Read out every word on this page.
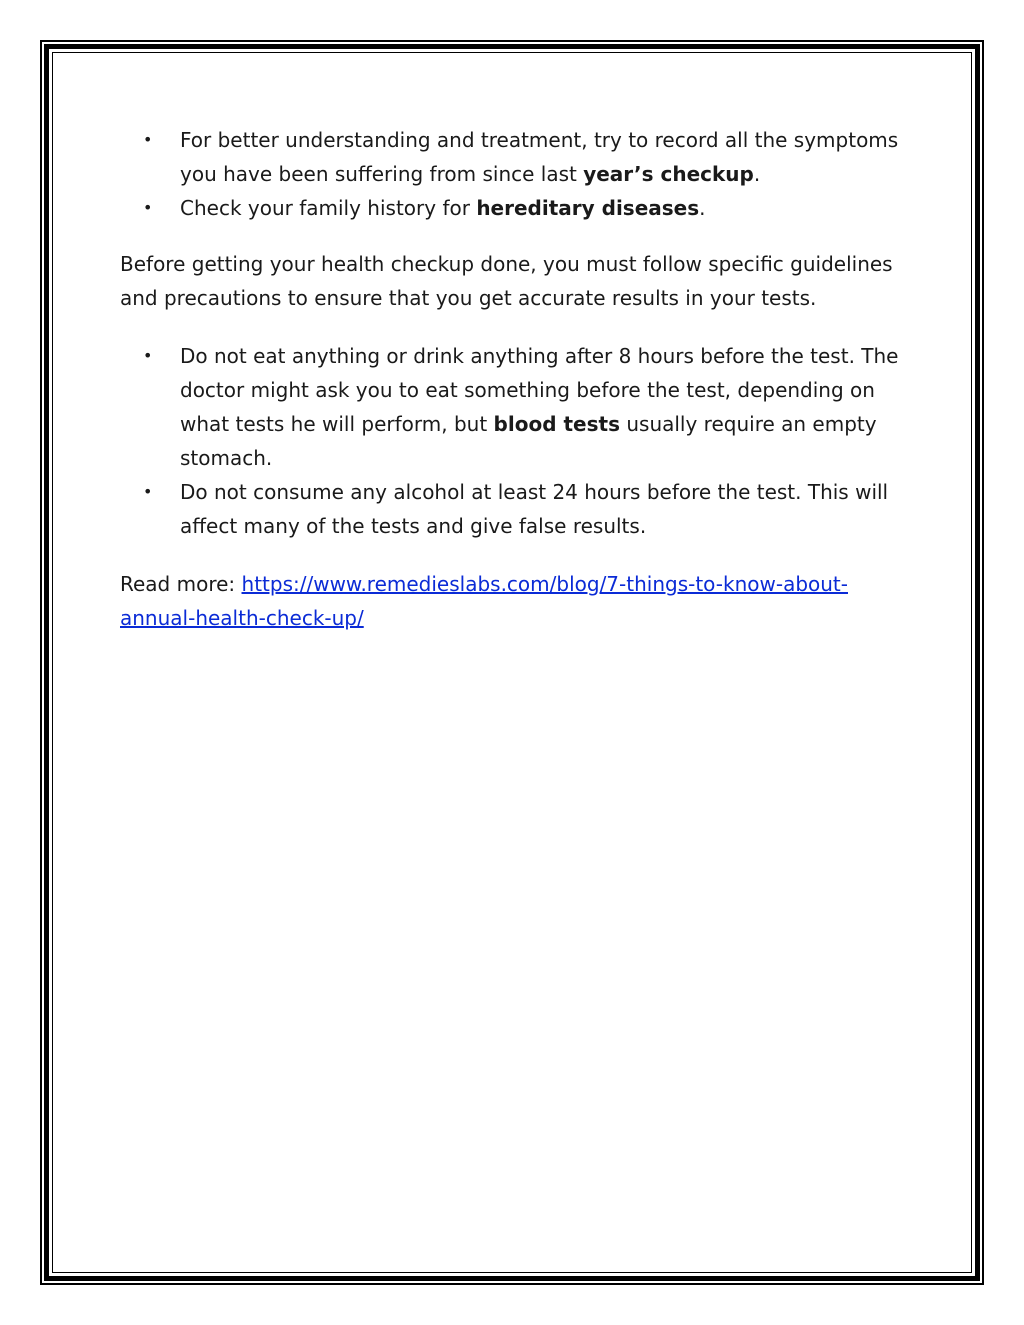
• For better understanding and treatment, try to record all the symptoms you have been suffering from since last year’s checkup.
• Check your family history for hereditary diseases.

Before getting your health checkup done, you must follow specific guidelines and precautions to ensure that you get accurate results in your tests.

• Do not eat anything or drink anything after 8 hours before the test. The doctor might ask you to eat something before the test, depending on what tests he will perform, but blood tests usually require an empty stomach.
• Do not consume any alcohol at least 24 hours before the test. This will affect many of the tests and give false results.

Read more: https://www.remedieslabs.com/blog/7-things-to-know-about-annual-health-check-up/
